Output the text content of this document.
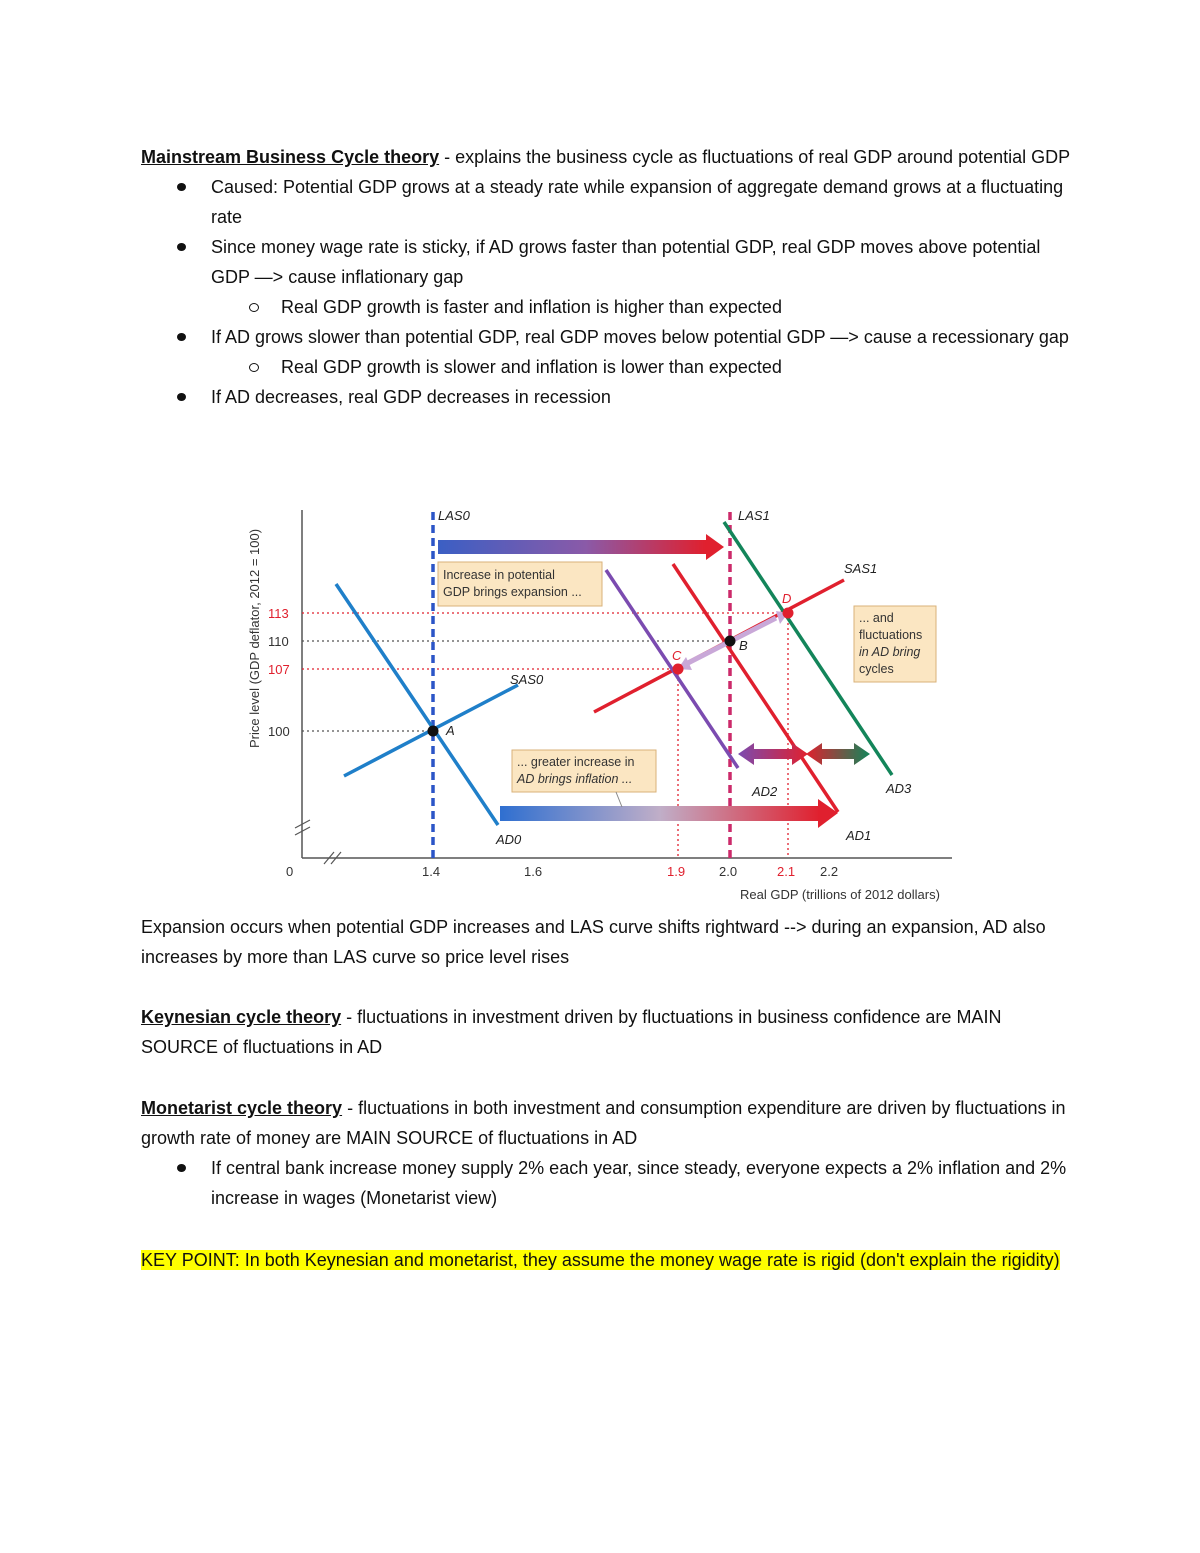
Mainstream Business Cycle theory - explains the business cycle as fluctuations of real GDP around potential GDP
Caused: Potential GDP grows at a steady rate while expansion of aggregate demand grows at a fluctuating rate
Since money wage rate is sticky, if AD grows faster than potential GDP, real GDP moves above potential GDP —> cause inflationary gap
Real GDP growth is faster and inflation is higher than expected
If AD grows slower than potential GDP, real GDP moves below potential GDP —> cause a recessionary gap
Real GDP growth is slower and inflation is lower than expected
If AD decreases, real GDP decreases in recession
A
B
C
D
LAS0	LAS1
SAS0
SAS1
AD0
AD2
AD1
AD3
113
110
107
100
0	1.4	1.6	1.9	2.0	2.1 2.2
Real GDP (trillions of 2012 dollars)
Price level (GDP deflator, 2012 = 100)	Increase in potential
GDP brings expansion ...
... and
fluctuations
in AD bring
cycles
... greater increase in
AD brings inflation ...
Expansion occurs when potential GDP increases and LAS curve shifts rightward --> during an expansion, AD also increases by more than LAS curve so price level rises
Keynesian cycle theory - fluctuations in investment driven by fluctuations in business confidence are MAIN SOURCE of fluctuations in AD
Monetarist cycle theory - fluctuations in both investment and consumption expenditure are driven by fluctuations in growth rate of money are MAIN SOURCE of fluctuations in AD
If central bank increase money supply 2% each year, since steady, everyone expects a 2% inflation and 2% increase in wages (Monetarist view)
KEY POINT: In both Keynesian and monetarist, they assume the money wage rate is rigid (don't explain the rigidity)
